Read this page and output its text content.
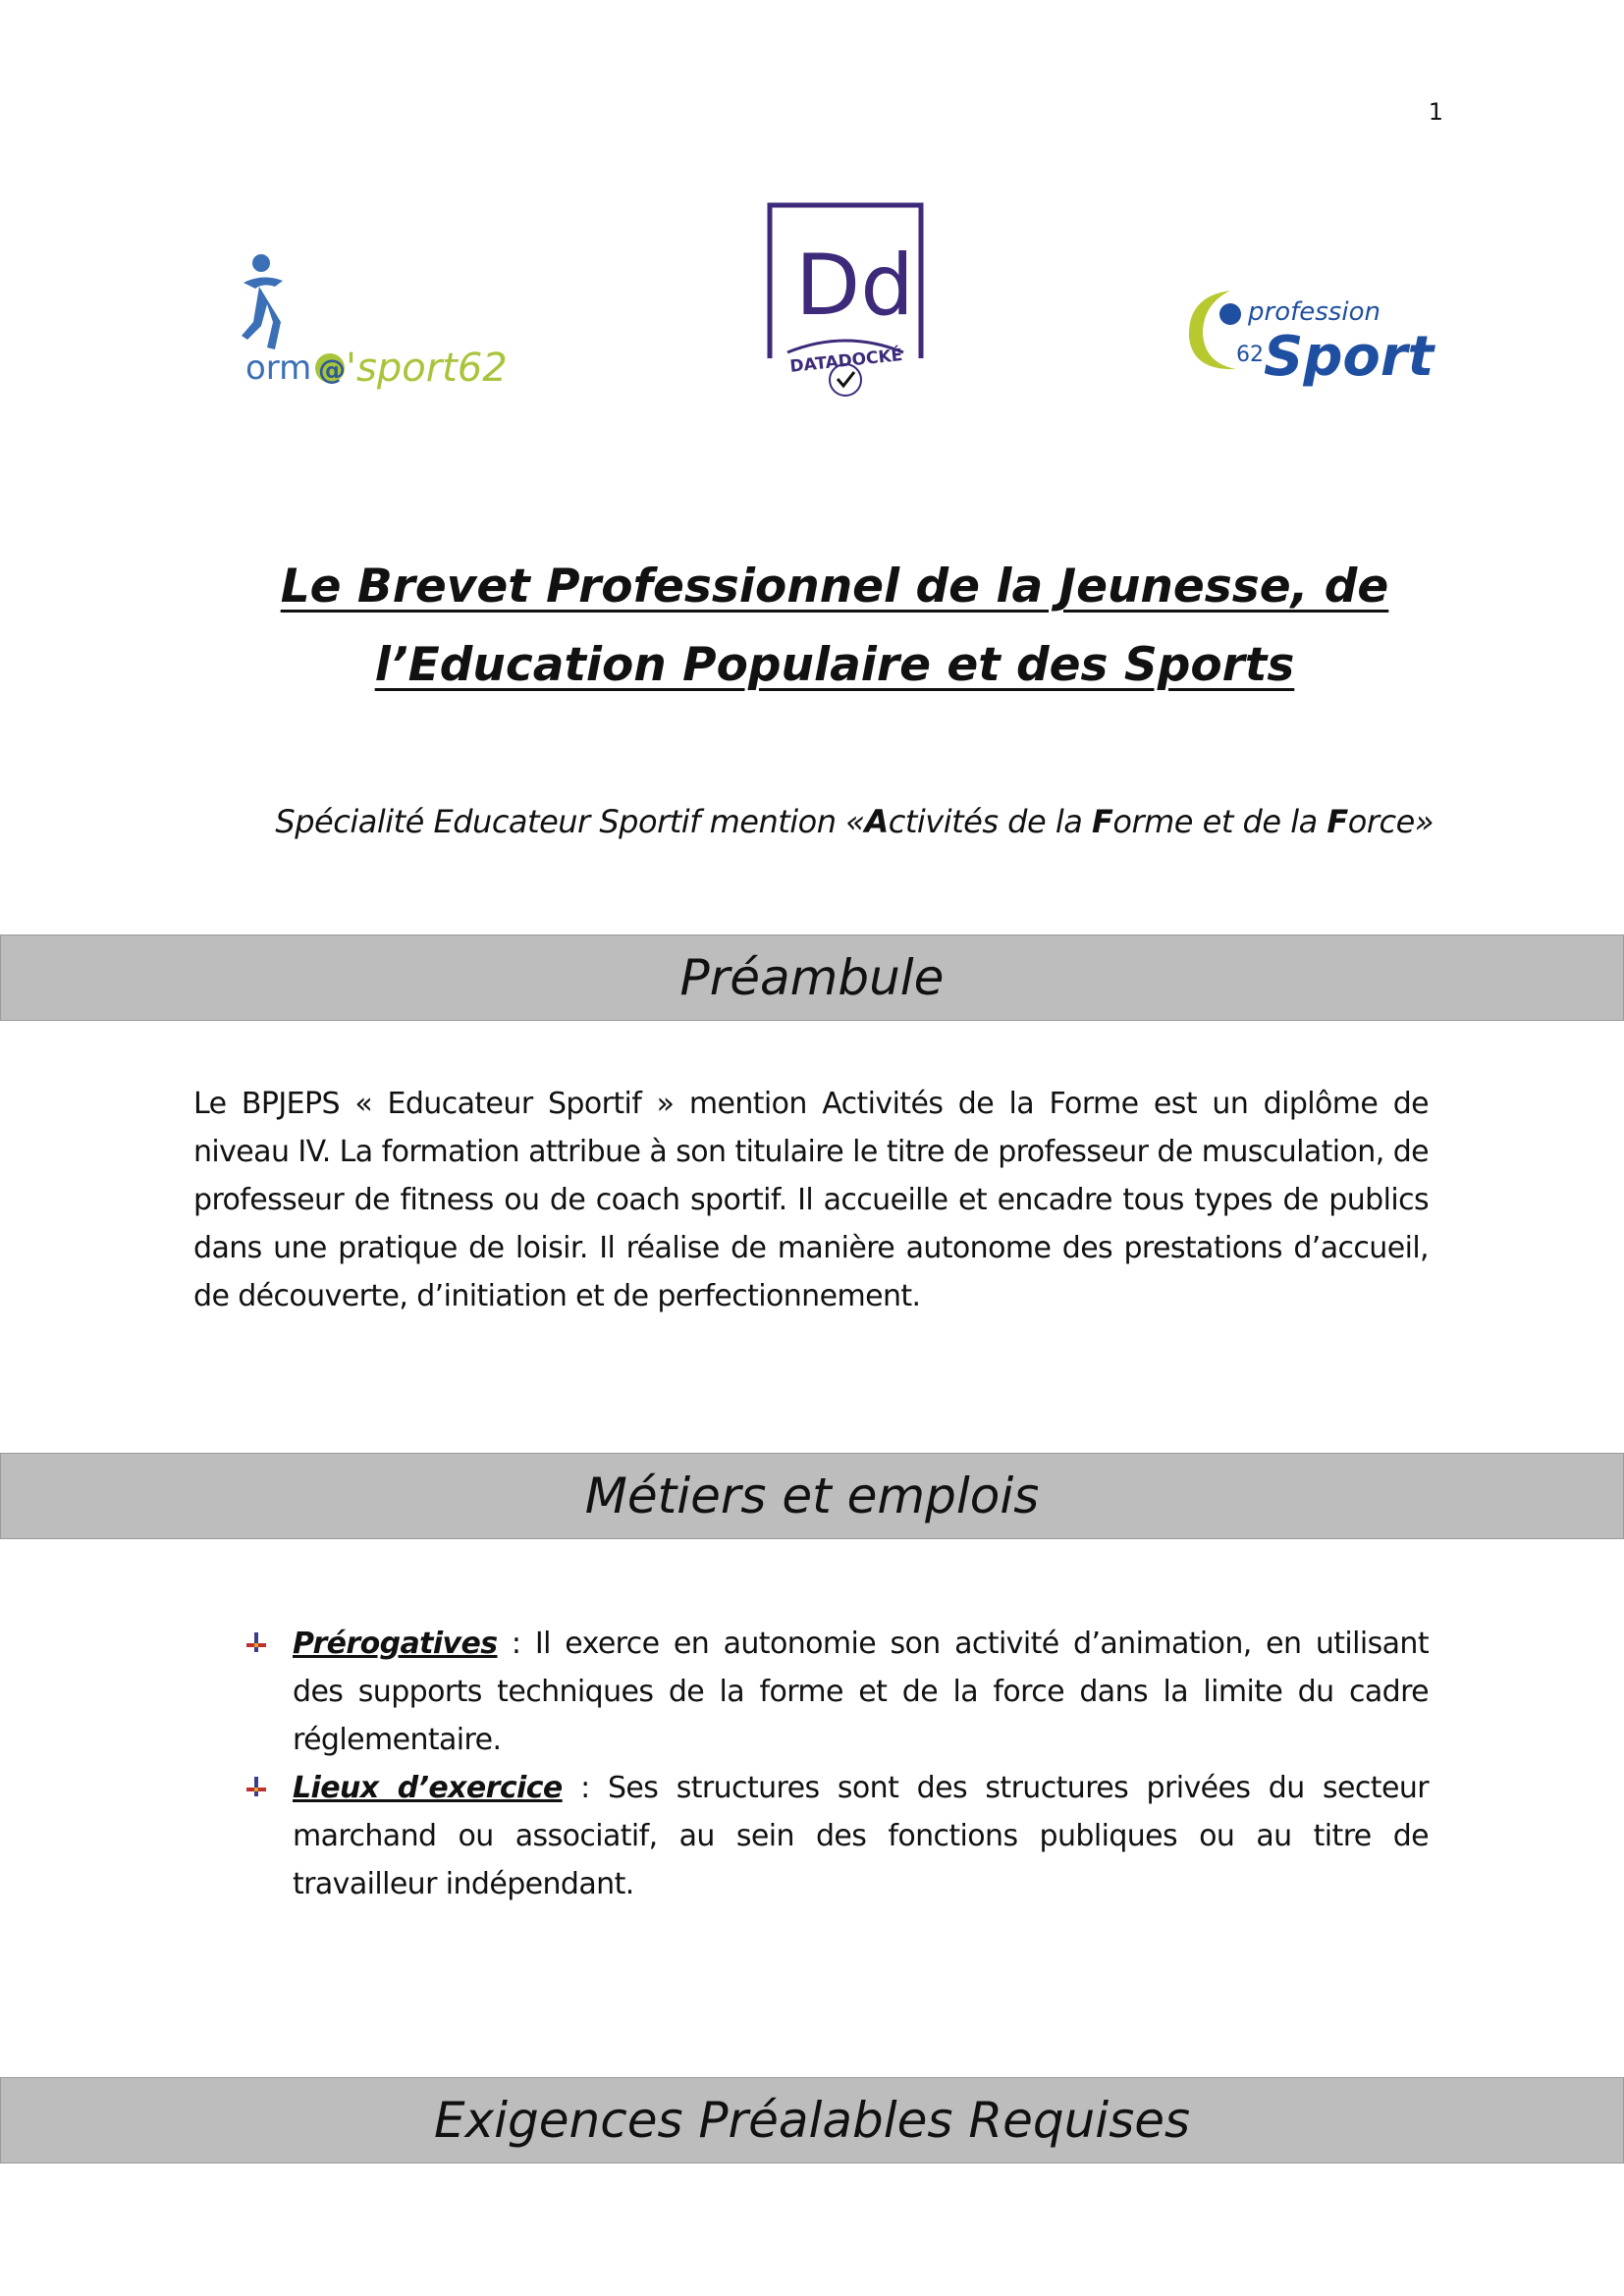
1
orm @ 'sport62
Dd
DATADOCKÉ
profession
62 Sport
Le Brevet Professionnel de la Jeunesse, de
l’Education Populaire et des Sports
Spécialité Educateur Sportif mention «Activités de la Forme et de la Force»
Préambule
Le BPJEPS « Educateur Sportif » mention Activités de la Forme est un diplôme de niveau IV. La formation attribue à son titulaire le titre de professeur de musculation, de professeur de fitness ou de coach sportif. Il accueille et encadre tous types de publics dans une pratique de loisir. Il réalise de manière autonome des prestations d’accueil, de découverte, d’initiation et de perfectionnement.
Métiers et emplois
Prérogatives : Il exerce en autonomie son activité d’animation, en utilisant des supports techniques de la forme et de la force dans la limite du cadre réglementaire.
Lieux d’exercice : Ses structures sont des structures privées du secteur marchand ou associatif, au sein des fonctions publiques ou au titre de travailleur indépendant.
Exigences Préalables Requises
